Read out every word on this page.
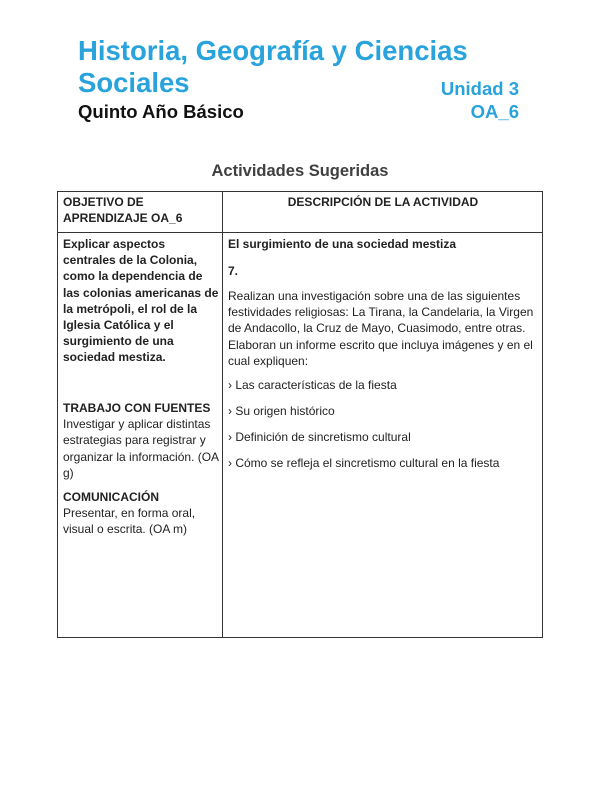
Historia, Geografía y Ciencias
Sociales	Unidad 3
Quinto Año Básico	OA_6
Actividades Sugeridas
OBJETIVO DE APRENDIZAJE OA_6
DESCRIPCIÓN DE LA ACTIVIDAD
Explicar aspectos centrales de la Colonia, como la dependencia de las colonias americanas de la metrópoli, el rol de la Iglesia Católica y el surgimiento de una sociedad mestiza.
TRABAJO CON FUENTES
Investigar y aplicar distintas estrategias para registrar y organizar la información. (OA g)
COMUNICACIÓN
Presentar, en forma oral, visual o escrita. (OA m)
El surgimiento de una sociedad mestiza
7.
Realizan una investigación sobre una de las siguientes festividades religiosas: La Tirana, la Candelaria, la Virgen de Andacollo, la Cruz de Mayo, Cuasimodo, entre otras. Elaboran un informe escrito que incluya imágenes y en el cual expliquen:
› Las características de la fiesta
› Su origen histórico
› Definición de sincretismo cultural
› Cómo se refleja el sincretismo cultural en la fiesta
